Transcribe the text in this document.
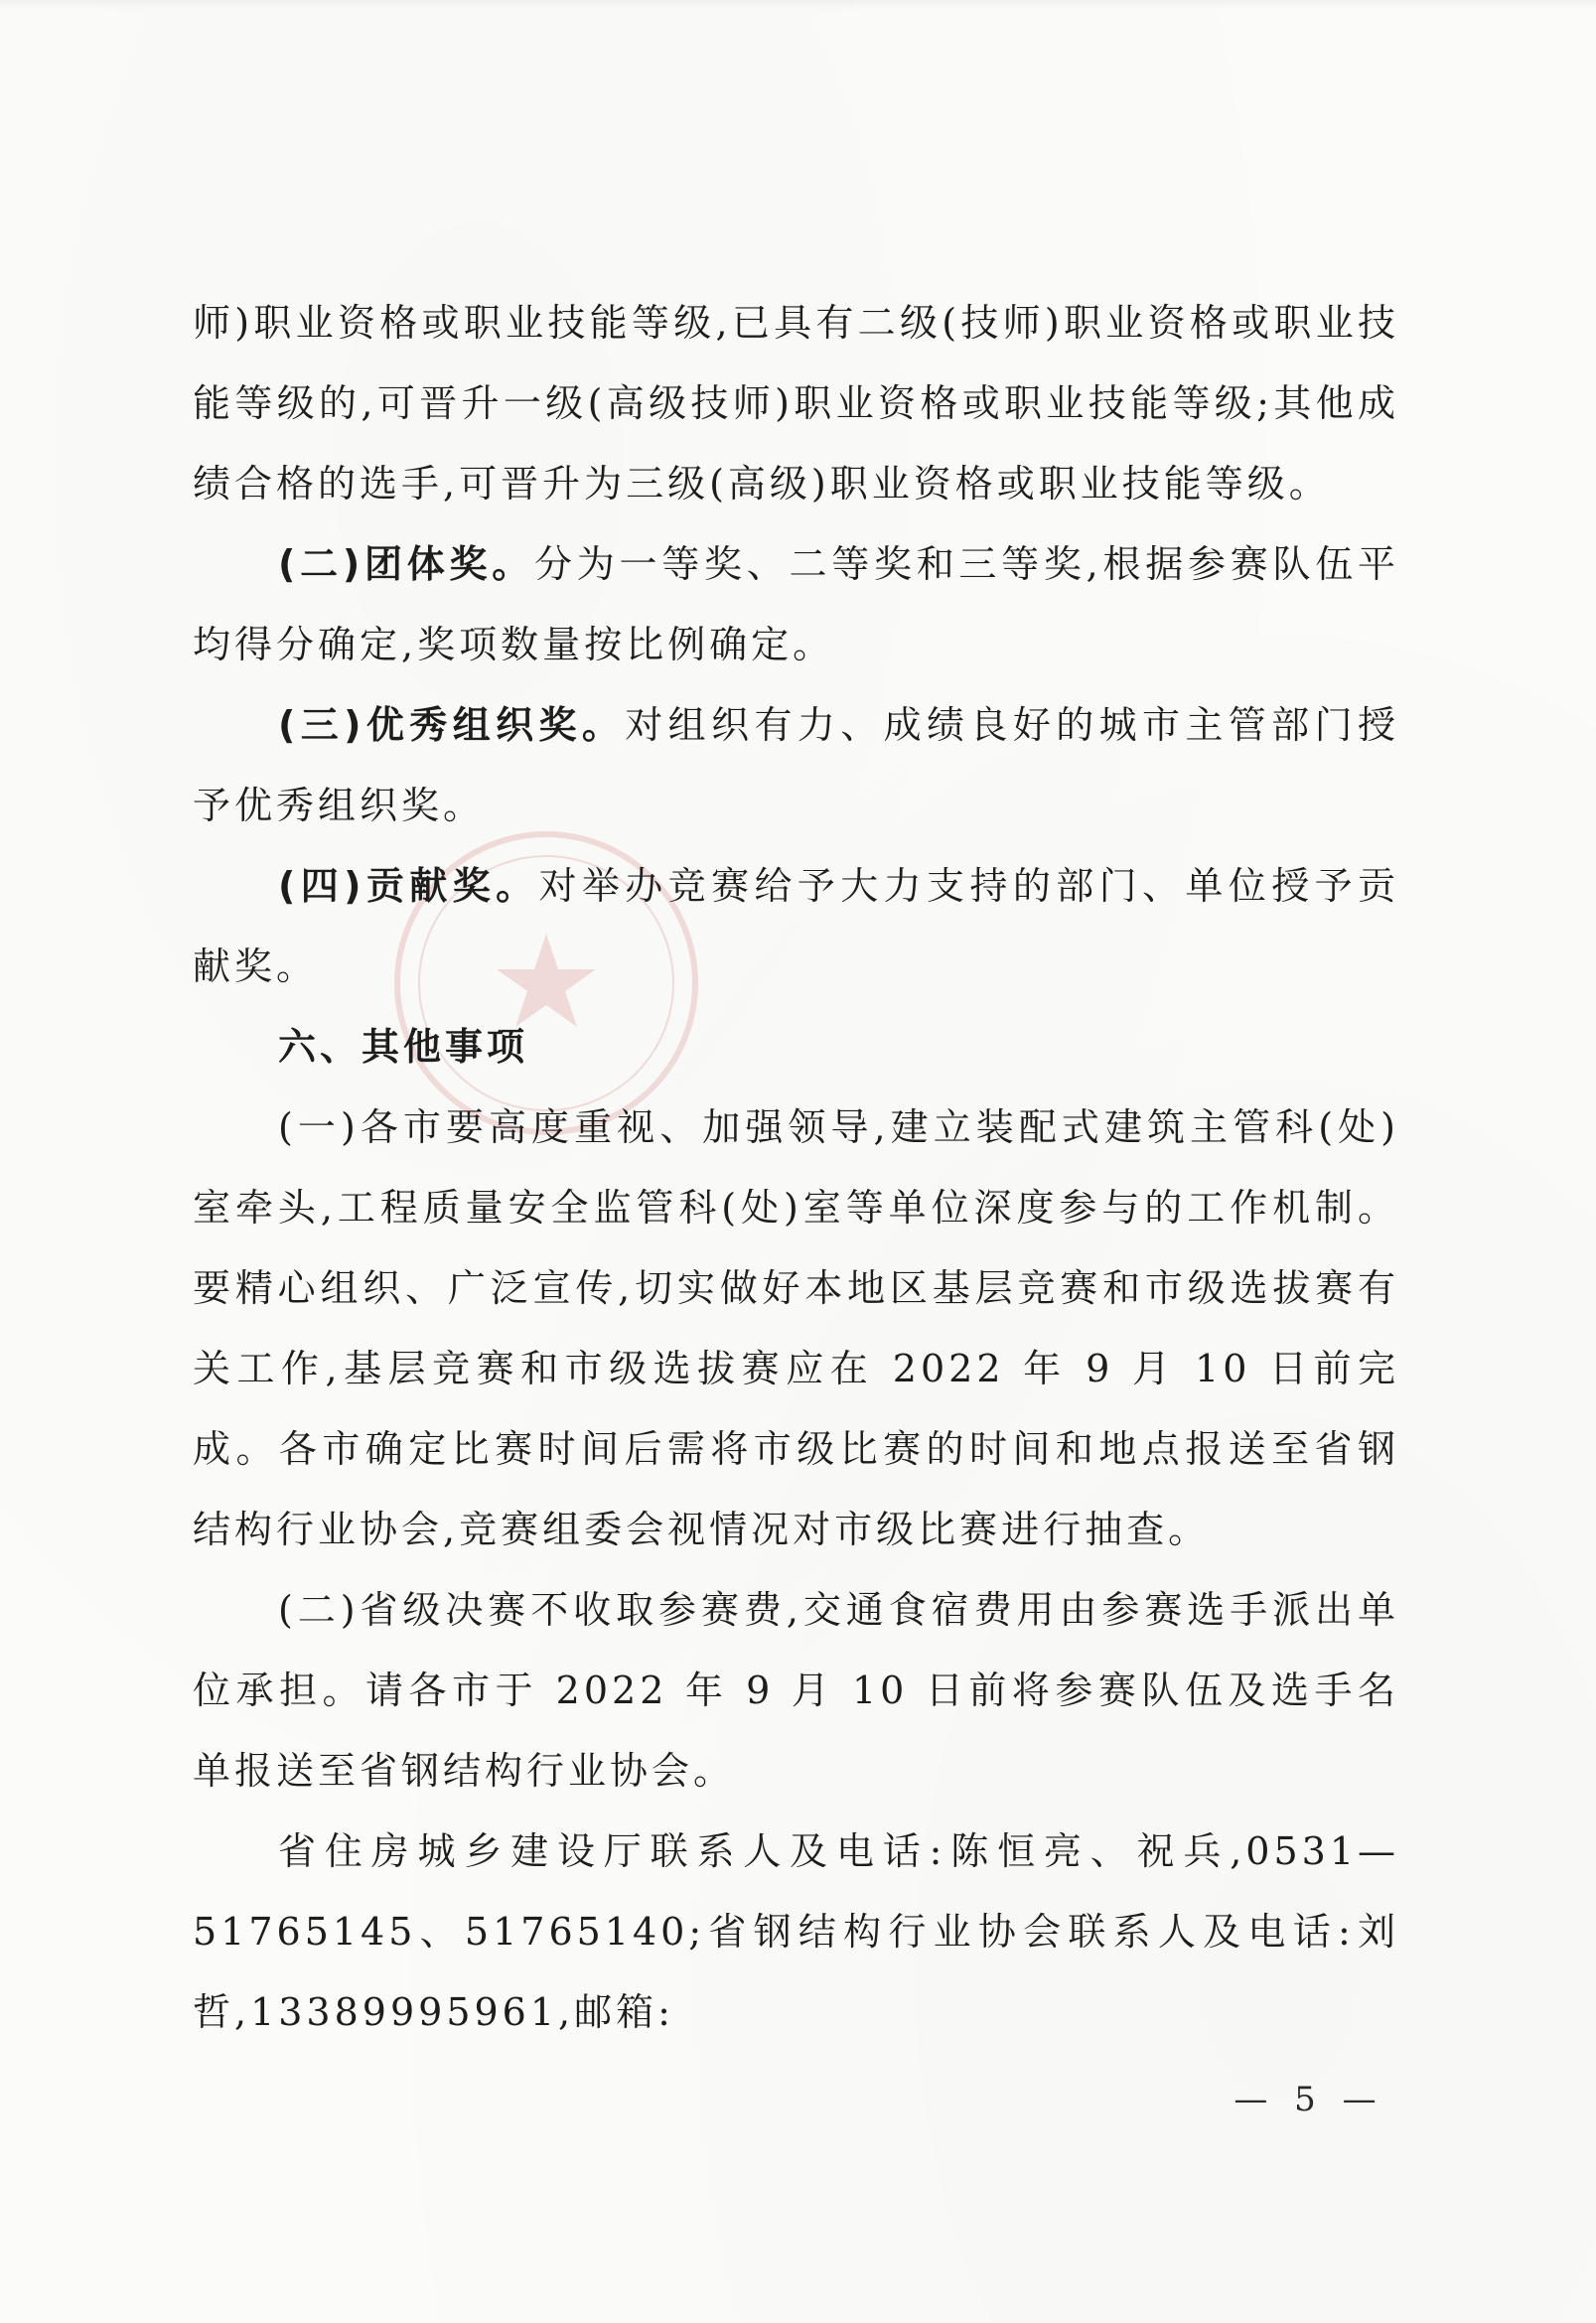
师)职业资格或职业技能等级,已具有二级(技师)职业资格或职业技能等级的,可晋升一级(高级技师)职业资格或职业技能等级;其他成绩合格的选手,可晋升为三级(高级)职业资格或职业技能等级。

(二)团体奖。分为一等奖、二等奖和三等奖,根据参赛队伍平均得分确定,奖项数量按比例确定。

(三)优秀组织奖。对组织有力、成绩良好的城市主管部门授予优秀组织奖。

(四)贡献奖。对举办竞赛给予大力支持的部门、单位授予贡献奖。

六、其他事项

(一)各市要高度重视、加强领导,建立装配式建筑主管科(处)室牵头,工程质量安全监管科(处)室等单位深度参与的工作机制。要精心组织、广泛宣传,切实做好本地区基层竞赛和市级选拔赛有关工作,基层竞赛和市级选拔赛应在 2022 年 9 月 10 日前完成。各市确定比赛时间后需将市级比赛的时间和地点报送至省钢结构行业协会,竞赛组委会视情况对市级比赛进行抽查。

(二)省级决赛不收取参赛费,交通食宿费用由参赛选手派出单位承担。请各市于 2022 年 9 月 10 日前将参赛队伍及选手名单报送至省钢结构行业协会。

省住房城乡建设厅联系人及电话:陈恒亮、祝兵,0531—51765145、51765140;省钢结构行业协会联系人及电话:刘哲,13389995961,邮箱:

— 5 —
